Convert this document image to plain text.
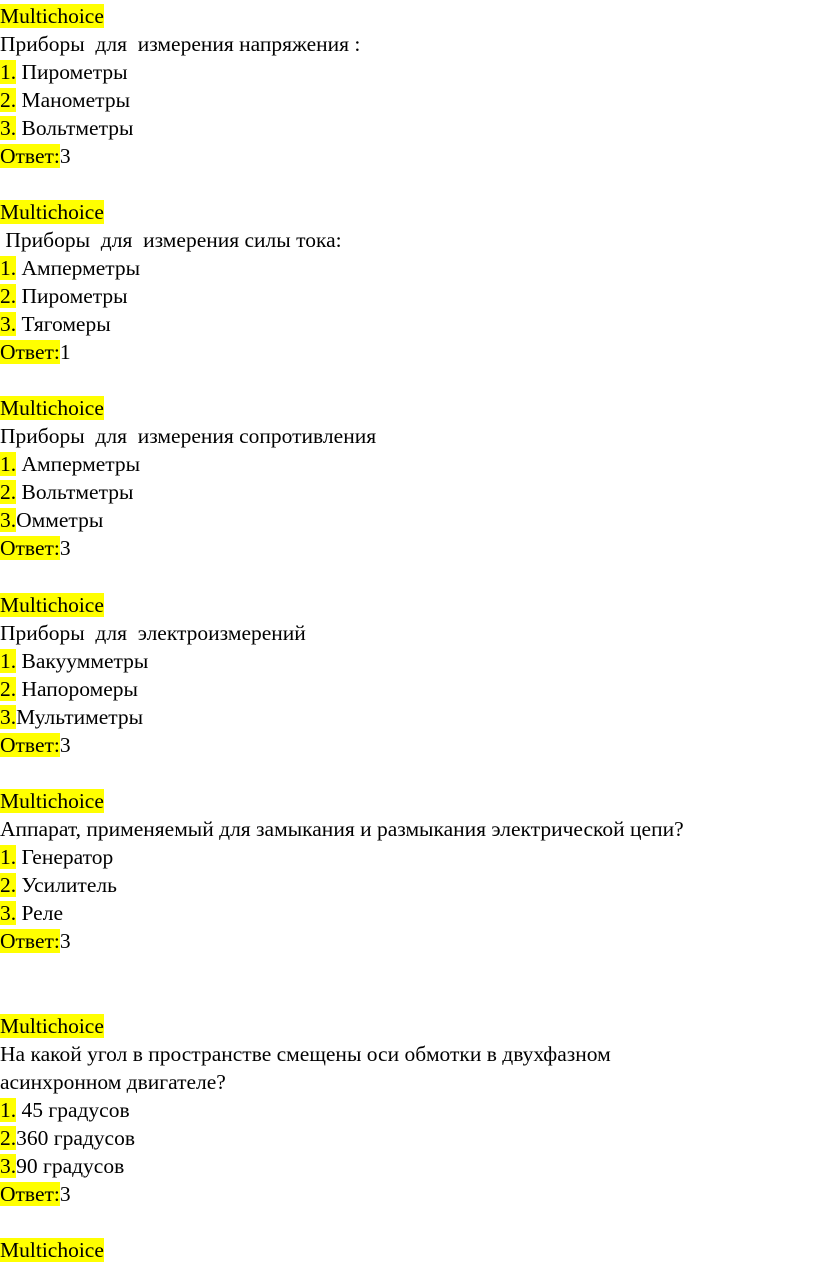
Multichoice
Приборы  для  измерения напряжения :
1. Пирометры
2. Манометры
3. Вольтметры
Ответ:3
Multichoice
Приборы  для  измерения силы тока:
1. Амперметры
2. Пирометры
3. Тягомеры
Ответ:1
Multichoice
Приборы  для  измерения сопротивления
1. Амперметры
2. Вольтметры
3.Омметры
Ответ:3
Multichoice
Приборы  для  электроизмерений
1. Вакуумметры
2. Напоромеры
3.Мультиметры
Ответ:3
Multichoice
Аппарат, применяемый для замыкания и размыкания электрической цепи?
1. Генератор
2. Усилитель
3. Реле
Ответ:3
Multichoice
На какой угол в пространстве смещены оси обмотки в двухфазном
асинхронном двигателе?
1. 45 градусов
2.360 градусов
3.90 градусов
Ответ:3
Multichoice
